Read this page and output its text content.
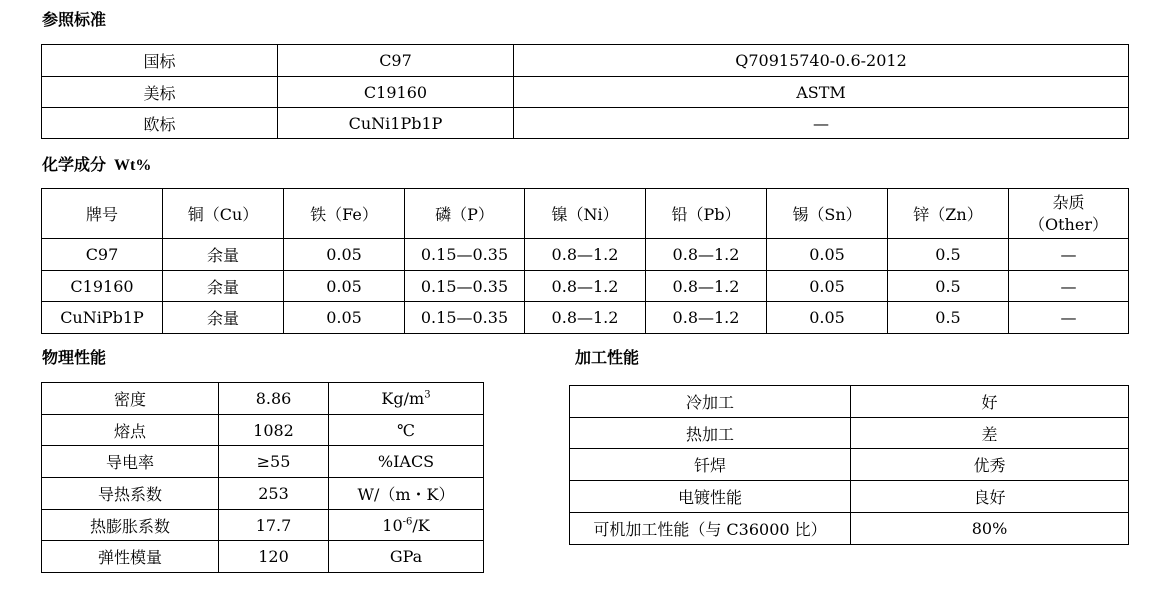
参照标准
国标	C97	Q70915740-0.6-2012
美标	C19160	ASTM
欧标	CuNi1Pb1P	—
化学成分 Wt%
牌号	铜（Cu）	铁（Fe）	磷（P）	镍（Ni）	铅（Pb）	锡（Sn）	锌（Zn）	杂质
（Other）

C97	余量	0.05	0.15—0.35	0.8—1.2	0.8—1.2	0.05	0.5	—
C19160	余量	0.05	0.15—0.35	0.8—1.2	0.8—1.2	0.05	0.5	—
CuNiPb1P	余量	0.05	0.15—0.35	0.8—1.2	0.8—1.2	0.05	0.5	—
物理性能
密度	8.86	$Kg/m^3$
熔点	1082	℃
导电率	≥55	%IACS
导热系数	253	W/（m・K）
热膨胀系数	17.7	$10^{-6}/K$
弹性模量	120	GPa
加工性能
冷加工	好
热加工	差
钎焊	优秀
电镀性能	良好
可机加工性能（与 C36000 比）	80%
